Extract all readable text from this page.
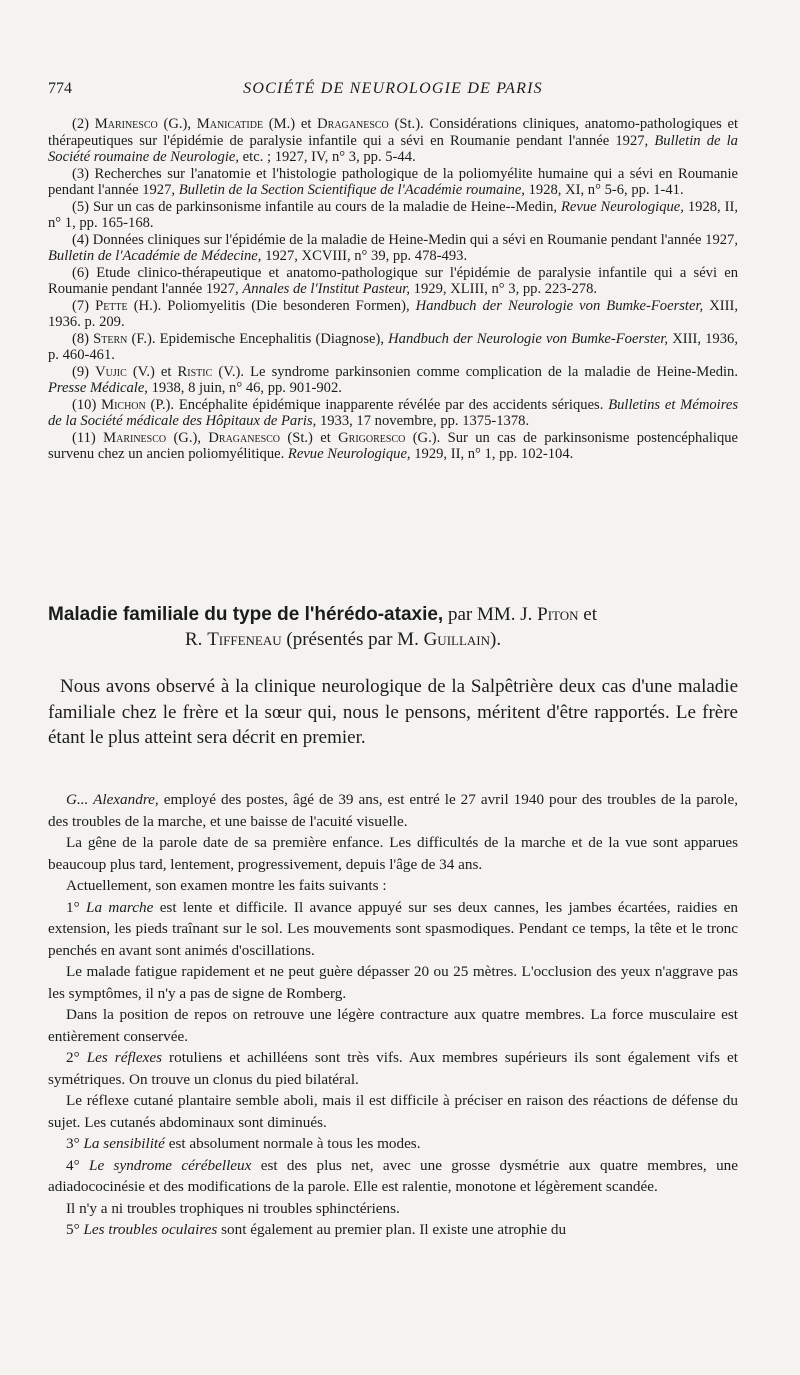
774	SOCIÉTÉ DE NEUROLOGIE DE PARIS

(2) Marinesco (G.), Manicatide (M.) et Draganesco (St.). Considérations cliniques, anatomo-pathologiques et thérapeutiques sur l'épidémie de paralysie infantile qui a sévi en Roumanie pendant l'année 1927, Bulletin de la Société roumaine de Neurologie, etc. ; 1927, IV, n° 3, pp. 5-44.

(3) Recherches sur l'anatomie et l'histologie pathologique de la poliomyélite humaine qui a sévi en Roumanie pendant l'année 1927, Bulletin de la Section Scientifique de l'Académie roumaine, 1928, XI, n° 5-6, pp. 1-41.

(5) Sur un cas de parkinsonisme infantile au cours de la maladie de Heine--Medin, Revue Neurologique, 1928, II, n° 1, pp. 165-168.

(4) Données cliniques sur l'épidémie de la maladie de Heine-Medin qui a sévi en Roumanie pendant l'année 1927, Bulletin de l'Académie de Médecine, 1927, XCVIII, n° 39, pp. 478-493.

(6) Etude clinico-thérapeutique et anatomo-pathologique sur l'épidémie de paralysie infantile qui a sévi en Roumanie pendant l'année 1927, Annales de l'Institut Pasteur, 1929, XLIII, n° 3, pp. 223-278.

(7) Pette (H.). Poliomyelitis (Die besonderen Formen), Handbuch der Neurologie von Bumke-Foerster, XIII, 1936. p. 209.

(8) Stern (F.). Epidemische Encephalitis (Diagnose), Handbuch der Neurologie von Bumke-Foerster, XIII, 1936, p. 460-461.

(9) Vujic (V.) et Ristic (V.). Le syndrome parkinsonien comme complication de la maladie de Heine-Medin. Presse Médicale, 1938, 8 juin, n° 46, pp. 901-902.

(10) Michon (P.). Encéphalite épidémique inapparente révélée par des accidents sériques. Bulletins et Mémoires de la Société médicale des Hôpitaux de Paris, 1933, 17 novembre, pp. 1375-1378.

(11) Marinesco (G.), Draganesco (St.) et Grigoresco (G.). Sur un cas de parkinsonisme postencéphalique survenu chez un ancien poliomyélitique. Revue Neurologique, 1929, II, n° 1, pp. 102-104.

Maladie familiale du type de l'hérédo-ataxie, par MM. J. Piton et
R. Tiffeneau (présentés par M. Guillain).

Nous avons observé à la clinique neurologique de la Salpêtrière deux cas d'une maladie familiale chez le frère et la sœur qui, nous le pensons, méritent d'être rapportés. Le frère étant le plus atteint sera décrit en premier.

G... Alexandre, employé des postes, âgé de 39 ans, est entré le 27 avril 1940 pour des troubles de la parole, des troubles de la marche, et une baisse de l'acuité visuelle.

La gêne de la parole date de sa première enfance. Les difficultés de la marche et de la vue sont apparues beaucoup plus tard, lentement, progressivement, depuis l'âge de 34 ans.

Actuellement, son examen montre les faits suivants :

1° La marche est lente et difficile. Il avance appuyé sur ses deux cannes, les jambes écartées, raidies en extension, les pieds traînant sur le sol. Les mouvements sont spasmodiques. Pendant ce temps, la tête et le tronc penchés en avant sont animés d'oscillations.

Le malade fatigue rapidement et ne peut guère dépasser 20 ou 25 mètres. L'occlusion des yeux n'aggrave pas les symptômes, il n'y a pas de signe de Romberg.

Dans la position de repos on retrouve une légère contracture aux quatre membres. La force musculaire est entièrement conservée.

2° Les réflexes rotuliens et achilléens sont très vifs. Aux membres supérieurs ils sont également vifs et symétriques. On trouve un clonus du pied bilatéral.

Le réflexe cutané plantaire semble aboli, mais il est difficile à préciser en raison des réactions de défense du sujet. Les cutanés abdominaux sont diminués.

3° La sensibilité est absolument normale à tous les modes.

4° Le syndrome cérébelleux est des plus net, avec une grosse dysmétrie aux quatre membres, une adiadococinésie et des modifications de la parole. Elle est ralentie, monotone et légèrement scandée.

Il n'y a ni troubles trophiques ni troubles sphinctériens.

5° Les troubles oculaires sont également au premier plan. Il existe une atrophie du
